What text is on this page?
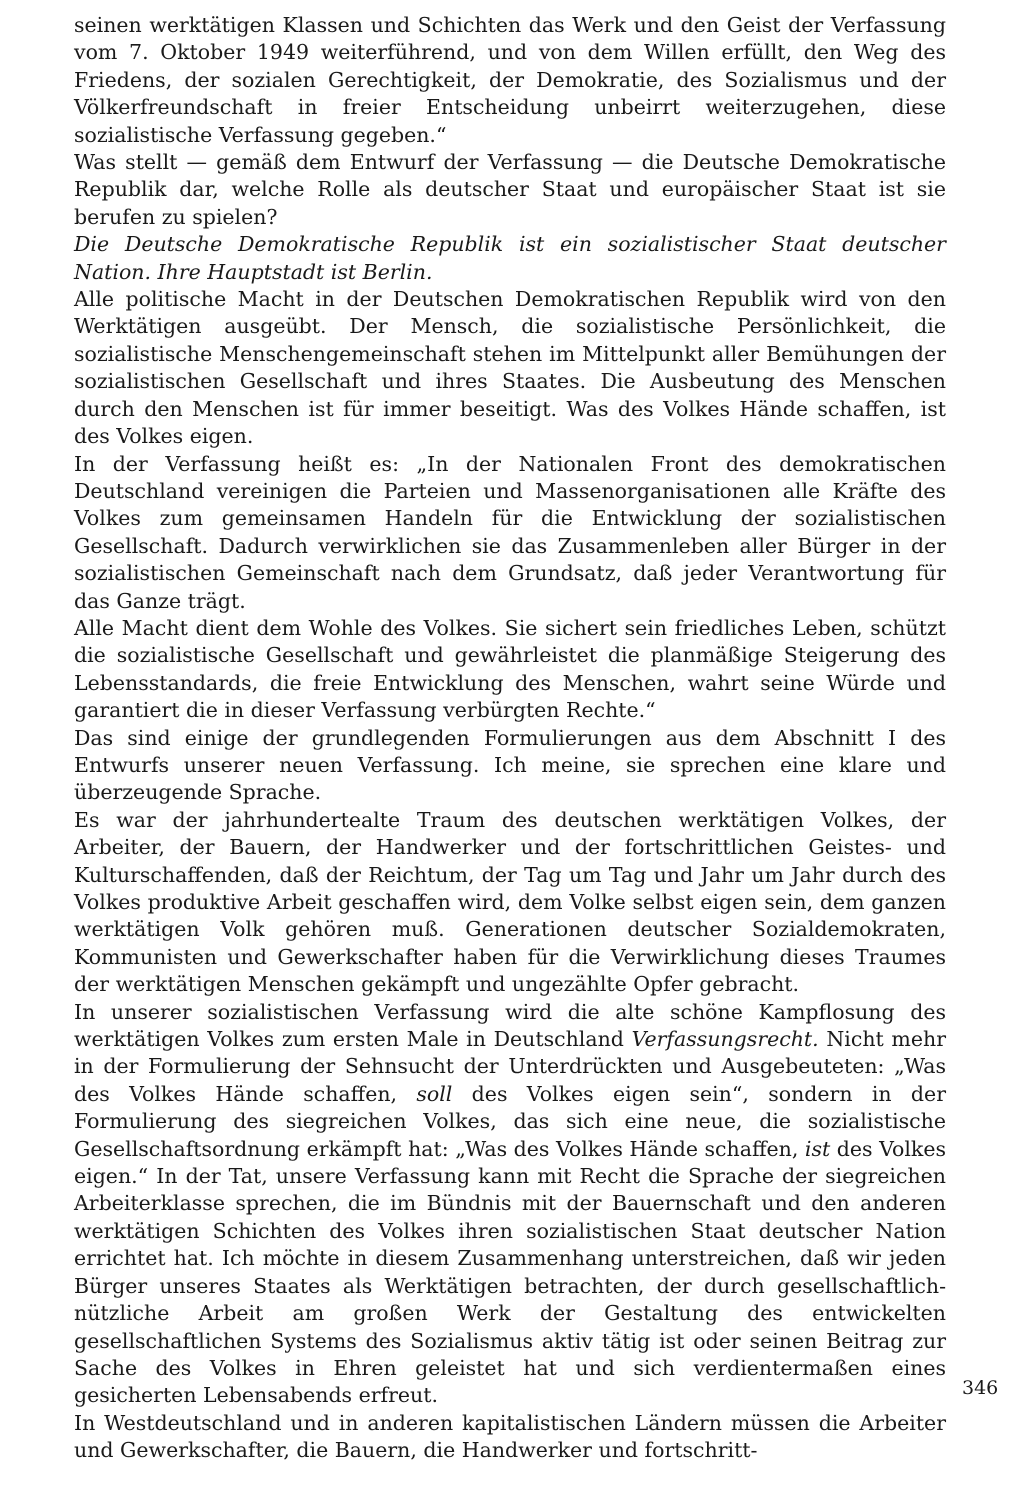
seinen werktätigen Klassen und Schichten das Werk und den Geist der Verfassung vom 7. Oktober 1949 weiterführend, und von dem Willen erfüllt, den Weg des Friedens, der sozialen Gerechtigkeit, der Demokratie, des Sozialismus und der Völkerfreundschaft in freier Entscheidung unbeirrt weiterzugehen, diese sozialistische Verfassung gegeben.“

Was stellt — gemäß dem Entwurf der Verfassung — die Deutsche Demokratische Republik dar, welche Rolle als deutscher Staat und europäischer Staat ist sie berufen zu spielen?

Die Deutsche Demokratische Republik ist ein sozialistischer Staat deutscher Nation. Ihre Hauptstadt ist Berlin.

Alle politische Macht in der Deutschen Demokratischen Republik wird von den Werktätigen ausgeübt. Der Mensch, die sozialistische Persönlichkeit, die sozialistische Menschengemeinschaft stehen im Mittelpunkt aller Bemühungen der sozialistischen Gesellschaft und ihres Staates. Die Ausbeutung des Menschen durch den Menschen ist für immer beseitigt. Was des Volkes Hände schaffen, ist des Volkes eigen.

In der Verfassung heißt es: „In der Nationalen Front des demokratischen Deutschland vereinigen die Parteien und Massenorganisationen alle Kräfte des Volkes zum gemeinsamen Handeln für die Entwicklung der sozialistischen Gesellschaft. Dadurch verwirklichen sie das Zusammenleben aller Bürger in der sozialistischen Gemeinschaft nach dem Grundsatz, daß jeder Verantwortung für das Ganze trägt.

Alle Macht dient dem Wohle des Volkes. Sie sichert sein friedliches Leben, schützt die sozialistische Gesellschaft und gewährleistet die planmäßige Steigerung des Lebensstandards, die freie Entwicklung des Menschen, wahrt seine Würde und garantiert die in dieser Verfassung verbürgten Rechte.“

Das sind einige der grundlegenden Formulierungen aus dem Abschnitt I des Entwurfs unserer neuen Verfassung. Ich meine, sie sprechen eine klare und überzeugende Sprache.

Es war der jahrhundertealte Traum des deutschen werktätigen Volkes, der Arbeiter, der Bauern, der Handwerker und der fortschrittlichen Geistes- und Kulturschaffenden, daß der Reichtum, der Tag um Tag und Jahr um Jahr durch des Volkes produktive Arbeit geschaffen wird, dem Volke selbst eigen sein, dem ganzen werktätigen Volk gehören muß. Generationen deutscher Sozialdemokraten, Kommunisten und Gewerkschafter haben für die Verwirklichung dieses Traumes der werktätigen Menschen gekämpft und ungezählte Opfer gebracht.

In unserer sozialistischen Verfassung wird die alte schöne Kampflosung des werktätigen Volkes zum ersten Male in Deutschland Verfassungsrecht. Nicht mehr in der Formulierung der Sehnsucht der Unterdrückten und Ausgebeuteten: „Was des Volkes Hände schaffen, soll des Volkes eigen sein“, sondern in der Formulierung des siegreichen Volkes, das sich eine neue, die sozialistische Gesellschaftsordnung erkämpft hat: „Was des Volkes Hände schaffen, ist des Volkes eigen.“ In der Tat, unsere Verfassung kann mit Recht die Sprache der siegreichen Arbeiterklasse sprechen, die im Bündnis mit der Bauernschaft und den anderen werktätigen Schichten des Volkes ihren sozialistischen Staat deutscher Nation errichtet hat. Ich möchte in diesem Zusammenhang unterstreichen, daß wir jeden Bürger unseres Staates als Werktätigen betrachten, der durch gesellschaftlich-nützliche Arbeit am großen Werk der Gestaltung des entwickelten gesellschaftlichen Systems des Sozialismus aktiv tätig ist oder seinen Beitrag zur Sache des Volkes in Ehren geleistet hat und sich verdientermaßen eines gesicherten Lebensabends erfreut.

In Westdeutschland und in anderen kapitalistischen Ländern müssen die Arbeiter und Gewerkschafter, die Bauern, die Handwerker und fortschritt-

346
